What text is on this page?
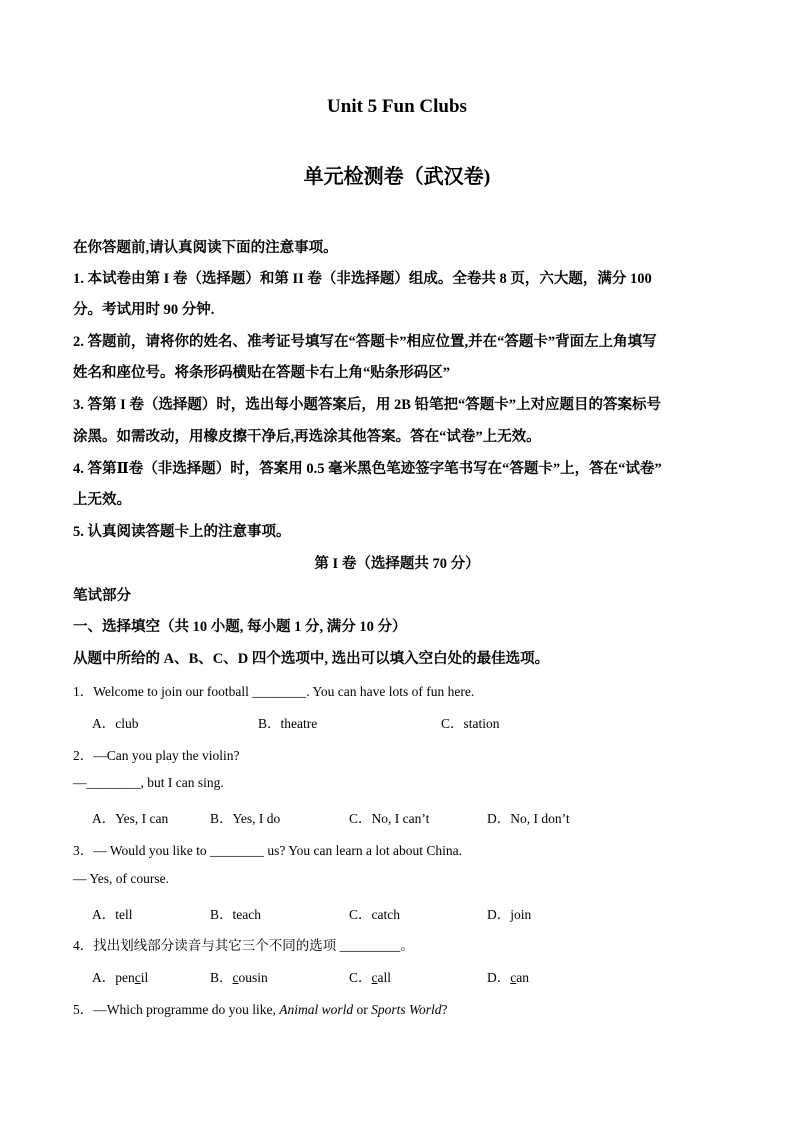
Unit 5 Fun Clubs
单元检测卷（武汉卷)
在你答题前,请认真阅读下面的注意事项。
1. 本试卷由第 I 卷（选择题）和第 II 卷（非选择题）组成。全卷共 8 页，六大题，满分 100
分。考试用时 90 分钟.
2. 答题前，请将你的姓名、准考证号填写在“答题卡”相应位置,并在“答题卡”背面左上角填写
姓名和座位号。将条形码横贴在答题卡右上角“贴条形码区”
3. 答第 I 卷（选择题）时，选出每小题答案后，用 2B 铅笔把“答题卡”上对应题目的答案标号
涂黑。如需改动，用橡皮擦干净后,再选涂其他答案。答在“试卷”上无效。
4. 答第Ⅱ卷（非选择题）时，答案用 0.5 毫米黑色笔迹签字笔书写在“答题卡”上，答在“试卷”
上无效。
5. 认真阅读答题卡上的注意事项。
第 I 卷（选择题共 70 分）
笔试部分
一、选择填空（共 10 小题, 每小题 1 分, 满分 10 分）
从题中所给的 A、B、C、D 四个选项中, 选出可以填入空白处的最佳选项。
1．Welcome to join our football ________. You can have lots of fun here.
A．club	B．theatre	C．station
2．—Can you play the violin?
—________, but I can sing.
A．Yes, I can	B．Yes, I do	C．No, I can’t	D．No, I don’t
3．— Would you like to ________ us? You can learn a lot about China.
— Yes, of course.
A．tell	B．teach	C．catch	D．join
4．找出划线部分读音与其它三个不同的选项 _________。
A．pencil	B．cousin	C．call	D．can
5．—Which programme do you like, Animal world or Sports World?
